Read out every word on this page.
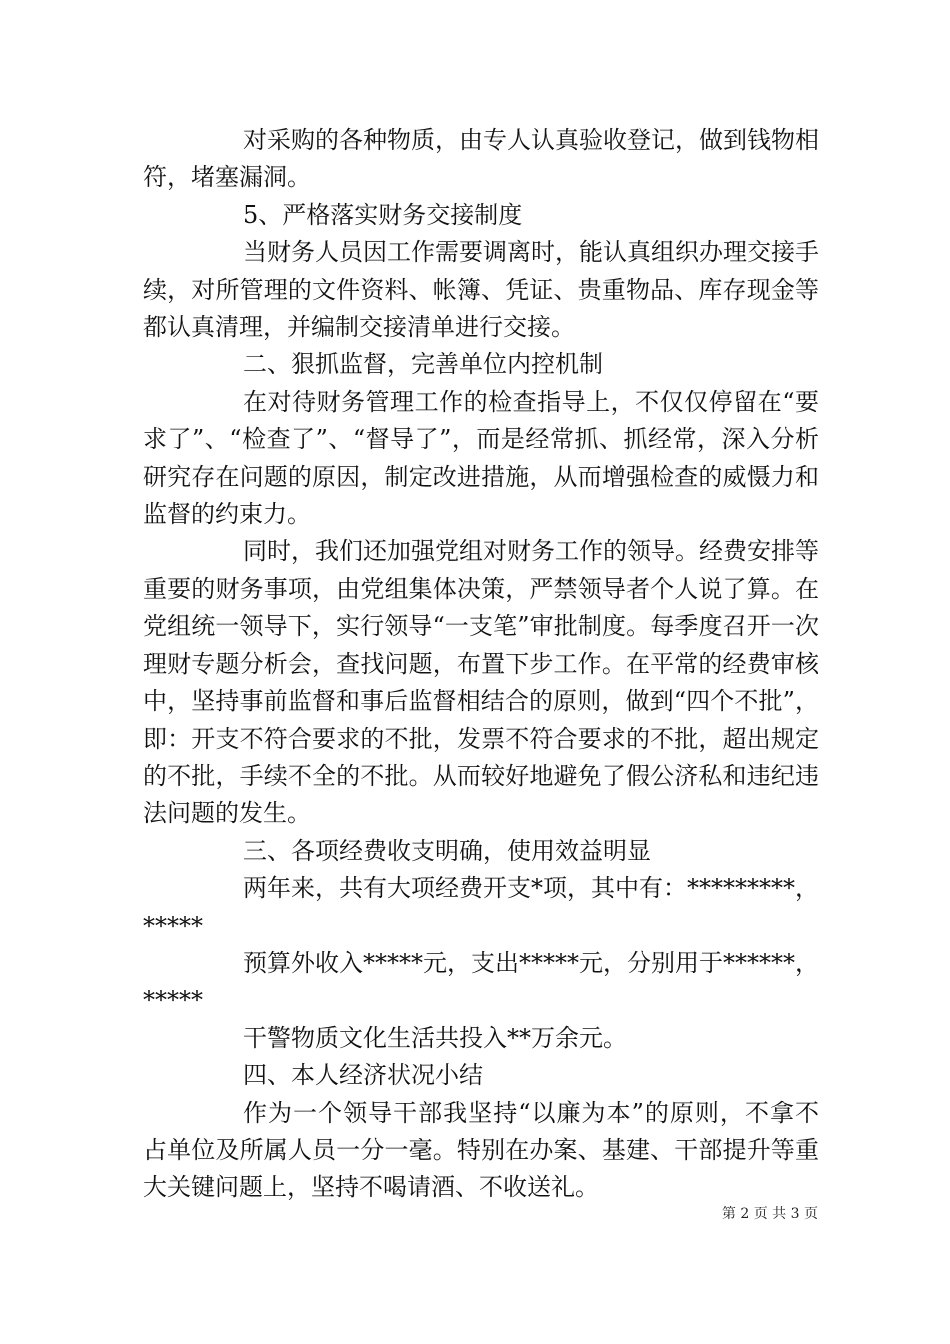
对采购的各种物质，由专人认真验收登记，做到钱物相符，堵塞漏洞。

5、严格落实财务交接制度

当财务人员因工作需要调离时，能认真组织办理交接手续，对所管理的文件资料、帐簿、凭证、贵重物品、库存现金等都认真清理，并编制交接清单进行交接。

二、狠抓监督，完善单位内控机制

在对待财务管理工作的检查指导上，不仅仅停留在“要求了”、“检查了”、“督导了”，而是经常抓、抓经常，深入分析研究存在问题的原因，制定改进措施，从而增强检查的威慑力和监督的约束力。

同时，我们还加强党组对财务工作的领导。经费安排等重要的财务事项，由党组集体决策，严禁领导者个人说了算。在党组统一领导下，实行领导“一支笔”审批制度。每季度召开一次理财专题分析会，查找问题，布置下步工作。在平常的经费审核中，坚持事前监督和事后监督相结合的原则，做到“四个不批”，即：开支不符合要求的不批，发票不符合要求的不批，超出规定的不批，手续不全的不批。从而较好地避免了假公济私和违纪违法问题的发生。

三、各项经费收支明确，使用效益明显

两年来，共有大项经费开支*项，其中有：*********，*****

预算外收入*****元，支出*****元，分别用于******，*****

干警物质文化生活共投入**万余元。

四、本人经济状况小结

作为一个领导干部我坚持“以廉为本”的原则，不拿不占单位及所属人员一分一毫。特别在办案、基建、干部提升等重大关键问题上，坚持不喝请酒、不收送礼。

第 2 页 共 3 页
